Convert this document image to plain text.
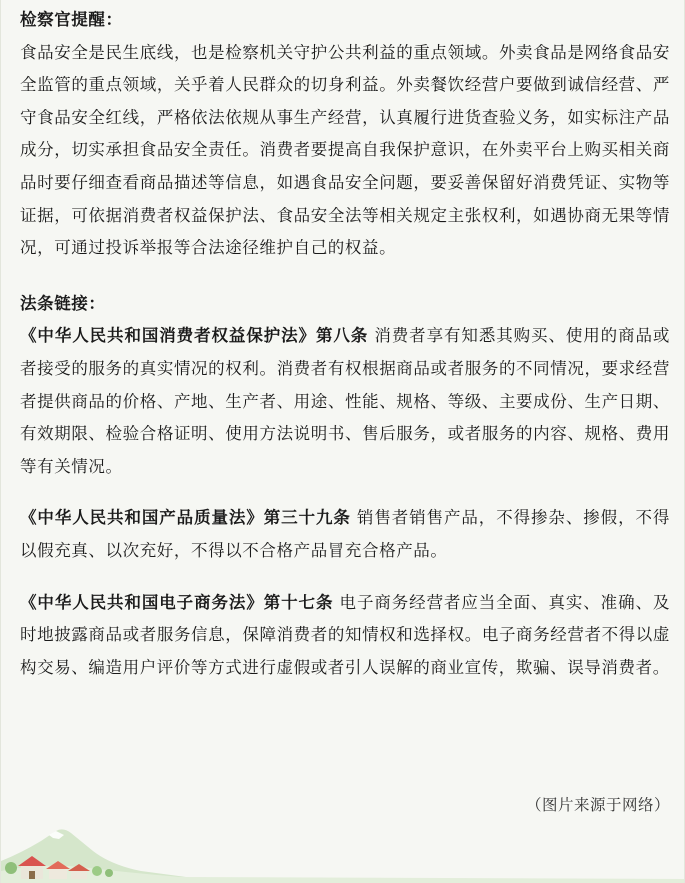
检察官提醒：

食品安全是民生底线，也是检察机关守护公共利益的重点领域。外卖食品是网络食品安全监管的重点领域，关乎着人民群众的切身利益。外卖餐饮经营户要做到诚信经营、严守食品安全红线，严格依法依规从事生产经营，认真履行进货查验义务，如实标注产品成分，切实承担食品安全责任。消费者要提高自我保护意识，在外卖平台上购买相关商品时要仔细查看商品描述等信息，如遇食品安全问题，要妥善保留好消费凭证、实物等证据，可依据消费者权益保护法、食品安全法等相关规定主张权利，如遇协商无果等情况，可通过投诉举报等合法途径维护自己的权益。

法条链接：

《中华人民共和国消费者权益保护法》第八条 消费者享有知悉其购买、使用的商品或者接受的服务的真实情况的权利。消费者有权根据商品或者服务的不同情况，要求经营者提供商品的价格、产地、生产者、用途、性能、规格、等级、主要成份、生产日期、有效期限、检验合格证明、使用方法说明书、售后服务，或者服务的内容、规格、费用等有关情况。

《中华人民共和国产品质量法》第三十九条 销售者销售产品，不得掺杂、掺假，不得以假充真、以次充好，不得以不合格产品冒充合格产品。

《中华人民共和国电子商务法》第十七条 电子商务经营者应当全面、真实、准确、及时地披露商品或者服务信息，保障消费者的知情权和选择权。电子商务经营者不得以虚构交易、编造用户评价等方式进行虚假或者引人误解的商业宣传，欺骗、误导消费者。

（图片来源于网络）
